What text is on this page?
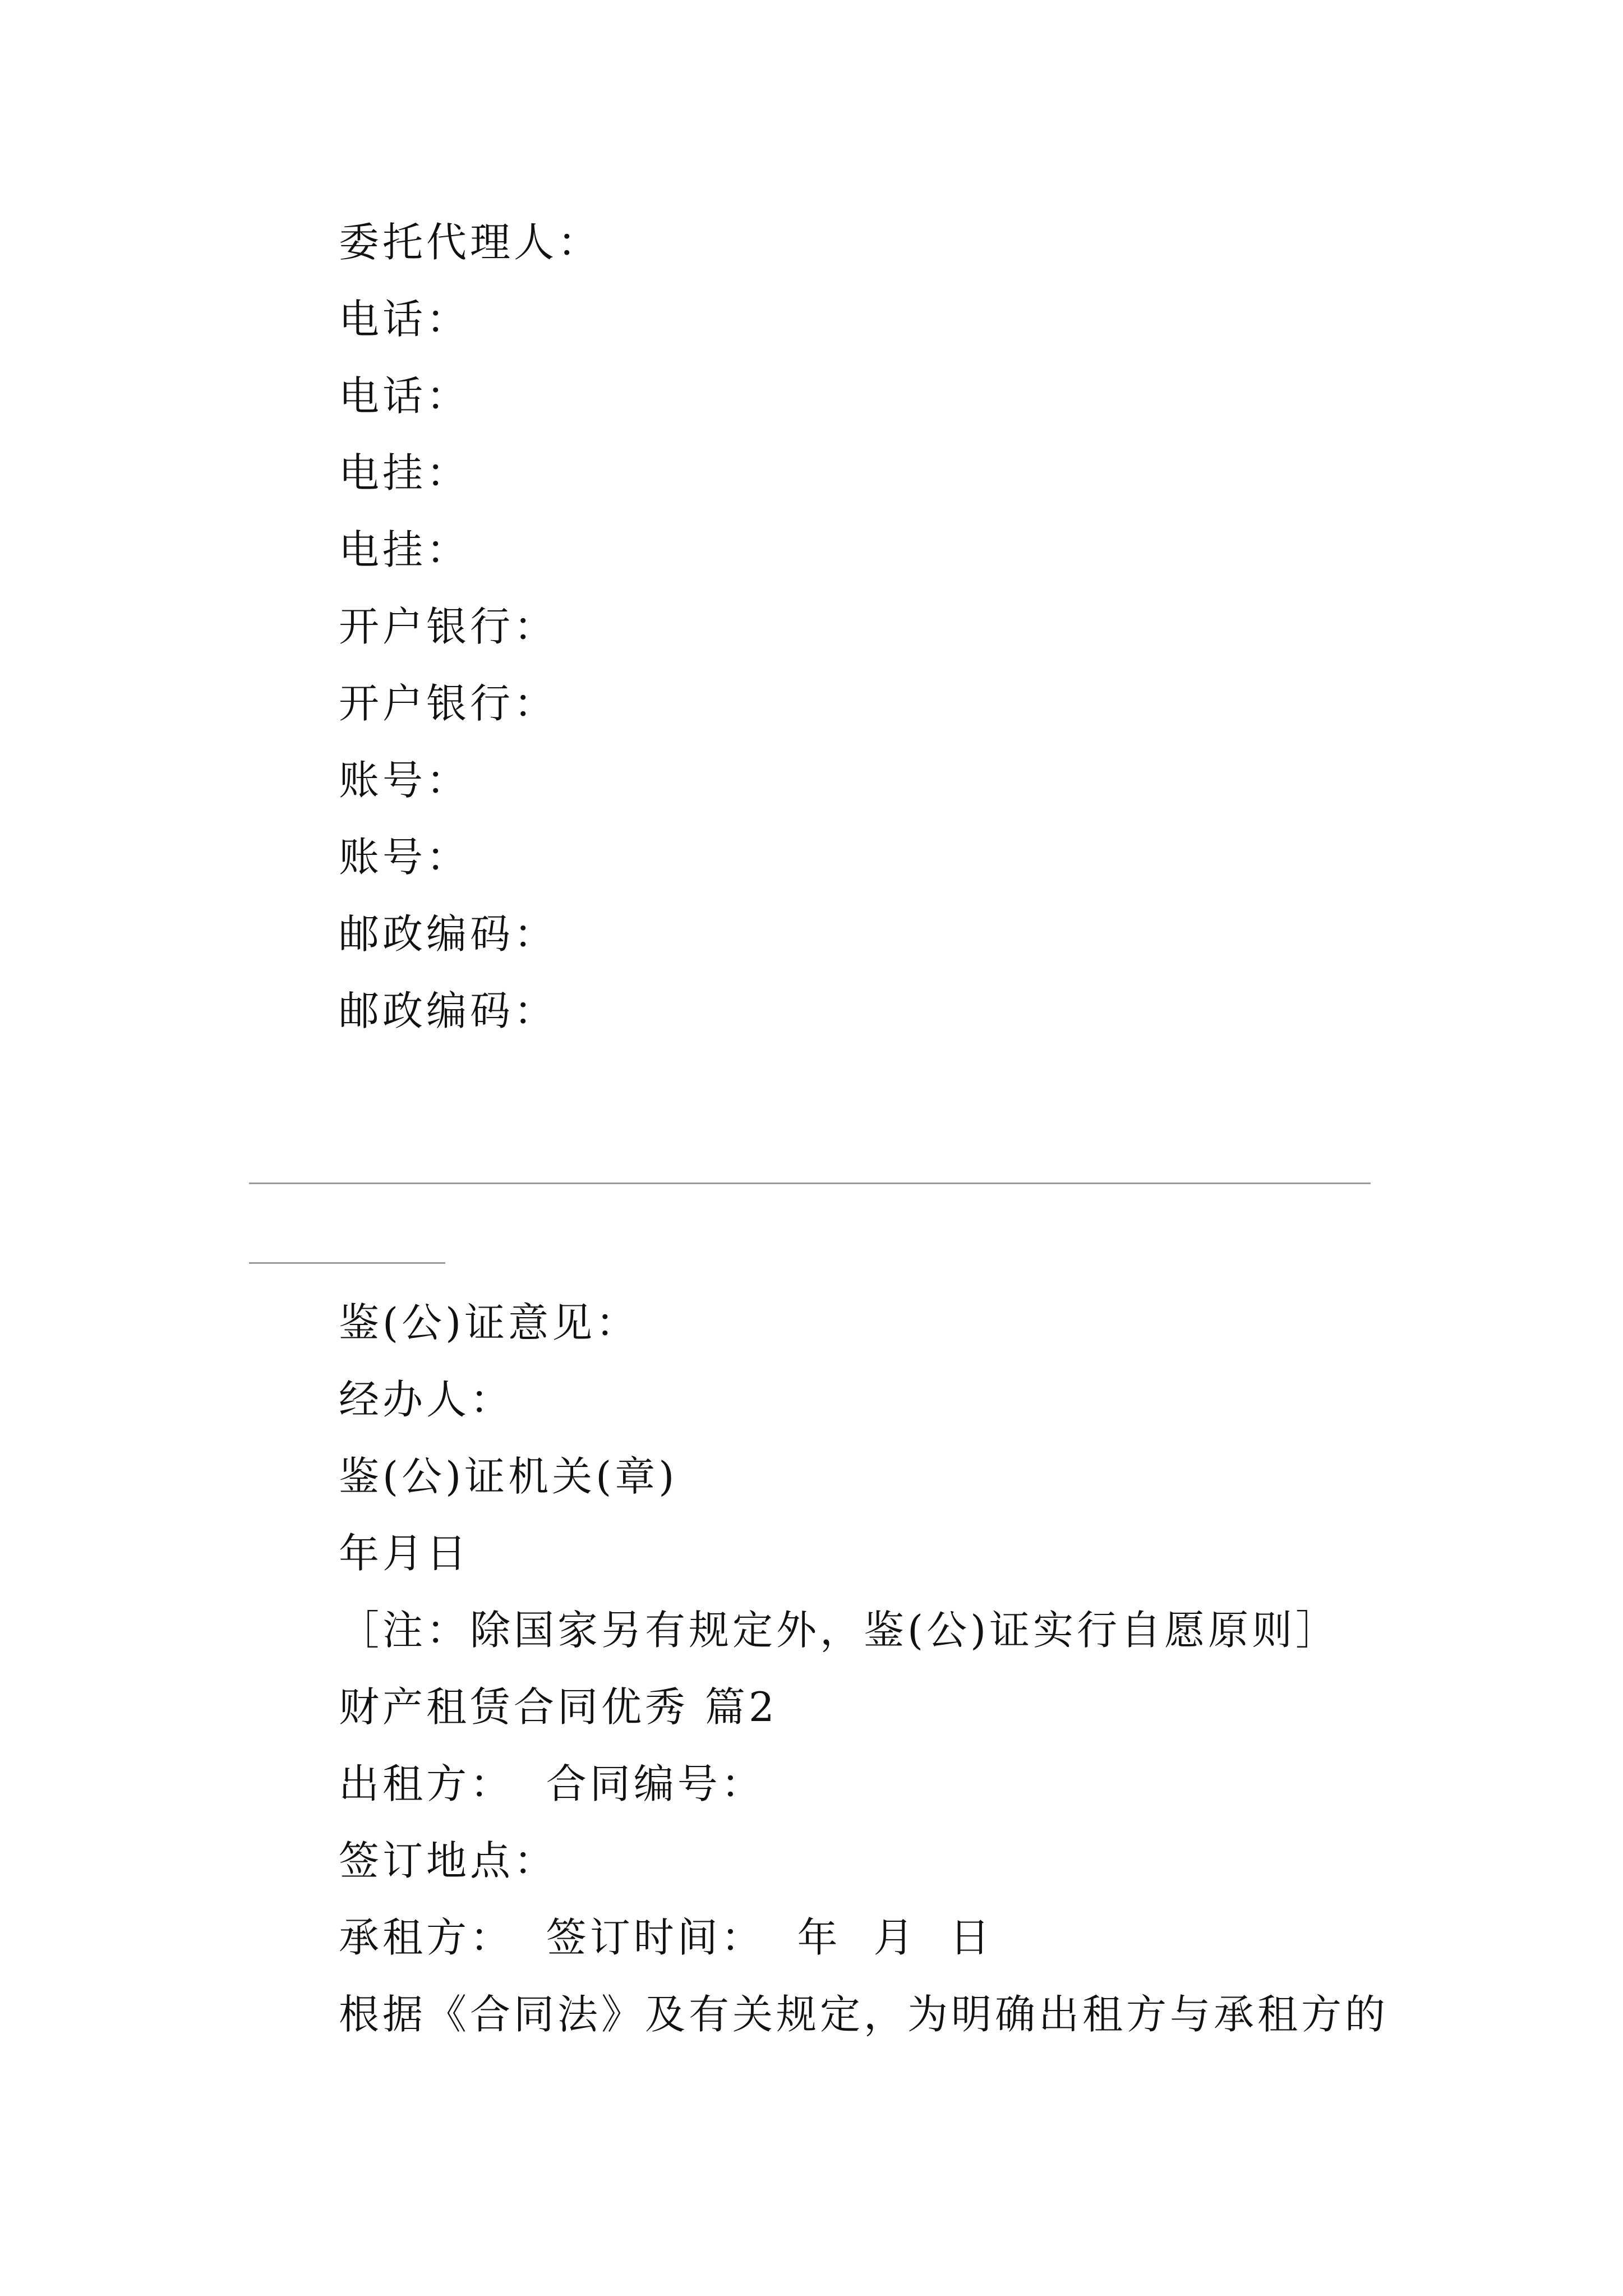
委托代理人：
电话：
电话：
电挂：
电挂：
开户银行：
开户银行：
账号：
账号：
邮政编码：
邮政编码：
鉴(公)证意见：
经办人：
鉴(公)证机关(章)
年月日
［注：除国家另有规定外，鉴(公)证实行自愿原则］
财产租赁合同优秀 篇2
出租方：  合同编号：
签订地点：
承租方：  签订时间：  年  月  日
根据《合同法》及有关规定，为明确出租方与承租方的
